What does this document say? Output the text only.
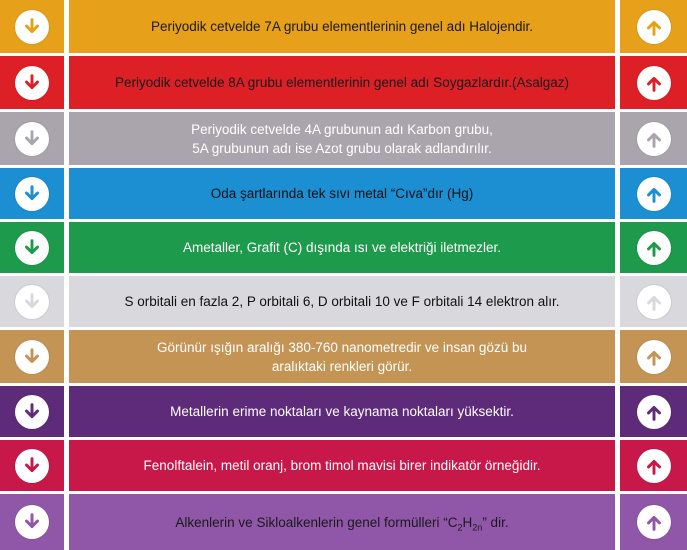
Periyodik cetvelde 7A grubu elementlerinin genel adı Halojendir.
Periyodik cetvelde 8A grubu elementlerinin genel adı Soygazlardır.(Asalgaz)
Periyodik cetvelde 4A grubunun adı Karbon grubu,
5A grubunun adı ise Azot grubu olarak adlandırılır.
Oda şartlarında tek sıvı metal “Cıva”dır (Hg)
Ametaller, Grafit (C) dışında ısı ve elektriği iletmezler.
S orbitali en fazla 2, P orbitali 6, D orbitali 10 ve F orbitali 14 elektron alır.
Görünür ışığın aralığı 380-760 nanometredir ve insan gözü bu
aralıktaki renkleri görür.
Metallerin erime noktaları ve kaynama noktaları yüksektir.
Fenolftalein, metil oranj, brom timol mavisi birer indikatör örneğidir.
Alkenlerin ve Sikloalkenlerin genel formülleri “$C_2H_{2n}$” dir.
